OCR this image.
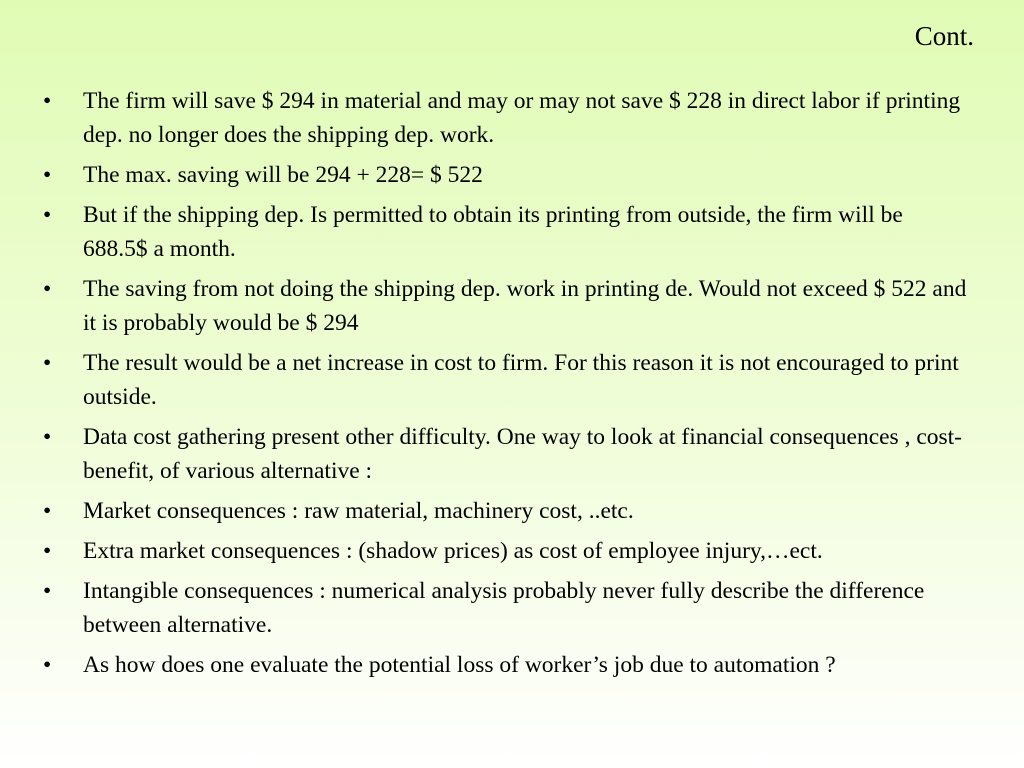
Cont.
• The firm will save $ 294 in material and may or may not save $ 228 in direct labor if printing dep. no longer does the shipping dep. work.
• The max. saving will be 294 + 228= $ 522
• But if the shipping dep. Is permitted to obtain its printing from outside, the firm will be 688.5$ a month.
• The saving from not doing the shipping dep. work in printing de. Would not exceed $ 522 and it is probably would be $ 294
• The result would be a net increase in cost to firm. For this reason it is not encouraged to print outside.
• Data cost gathering present other difficulty. One way to look at financial consequences , cost-benefit, of various alternative :
• Market consequences : raw material, machinery cost, ..etc.
• Extra market consequences : (shadow prices) as cost of employee injury,…ect.
• Intangible consequences : numerical analysis probably never fully describe the difference between alternative.
• As how does one evaluate the potential loss of worker’s job due to automation ?
